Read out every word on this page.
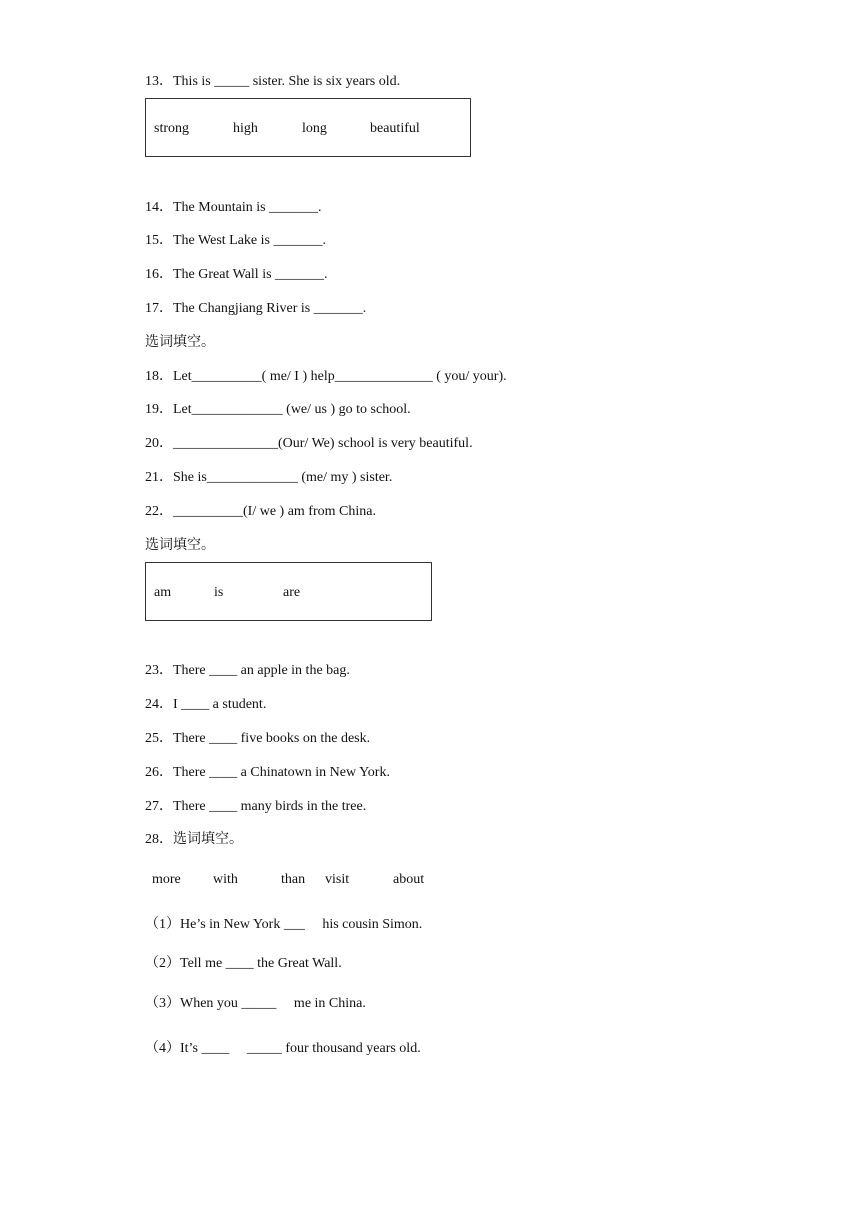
13．This is _____ sister. She is six years old.
strong	high	long	beautiful
14．The Mountain is _______.
15．The West Lake is _______.
16．The Great Wall is _______.
17．The Changjiang River is _______.
选词填空。
18．Let__________( me/ I ) help______________ ( you/ your).
19．Let_____________ (we/ us ) go to school.
20．_______________(Our/ We) school is very beautiful.
21．She is_____________ (me/ my ) sister.
22．__________(I/ we ) am from China.
选词填空。
am	is	are
23．There ____ an apple in the bag.
24．I ____ a student.
25．There ____ five books on the desk.
26．There ____ a Chinatown in New York.
27．There ____ many birds in the tree.
28．选词填空。
more with	than visit	about
（1）He’s in New York ___     his cousin Simon.
（2）Tell me ____ the Great Wall.
（3）When you _____     me in China.
（4）It’s ____     _____ four thousand years old.
